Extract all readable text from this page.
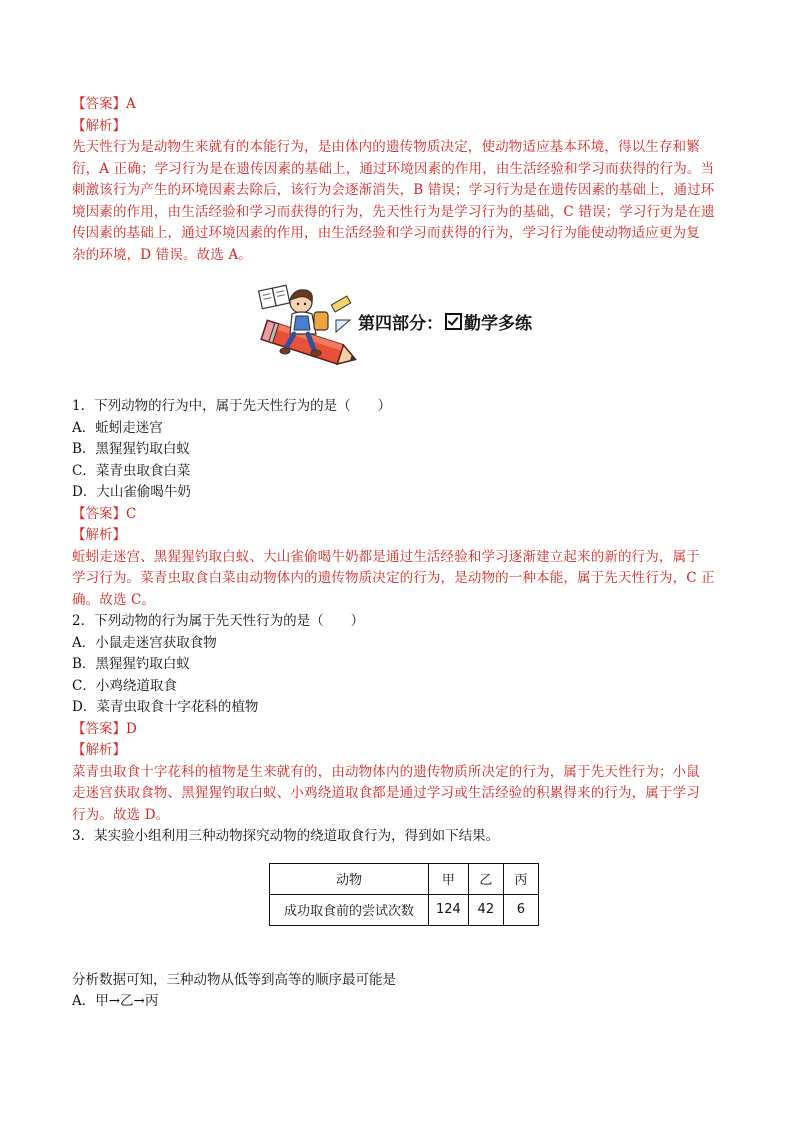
【答案】A
【解析】
先天性行为是动物生来就有的本能行为，是由体内的遗传物质决定，使动物适应基本环境，得以生存和繁
衍，A 正确；学习行为是在遗传因素的基础上，通过环境因素的作用，由生活经验和学习而获得的行为。当
刺激该行为产生的环境因素去除后，该行为会逐渐消失，B 错误；学习行为是在遗传因素的基础上，通过环
境因素的作用，由生活经验和学习而获得的行为，先天性行为是学习行为的基础，C 错误；学习行为是在遗
传因素的基础上，通过环境因素的作用，由生活经验和学习而获得的行为，学习行为能使动物适应更为复
杂的环境，D 错误。故选 A。
第四部分： 勤学多练
1．下列动物的行为中，属于先天性行为的是（　　）
A．蚯蚓走迷宫
B．黑猩猩钓取白蚁
C．菜青虫取食白菜
D．大山雀偷喝牛奶
【答案】C
【解析】
蚯蚓走迷宫、黑猩猩钓取白蚁、大山雀偷喝牛奶都是通过生活经验和学习逐渐建立起来的新的行为，属于
学习行为。菜青虫取食白菜由动物体内的遗传物质决定的行为，是动物的一种本能，属于先天性行为，C 正
确。故选 C。
2．下列动物的行为属于先天性行为的是（　　）
A．小鼠走迷宫获取食物
B．黑猩猩钓取白蚁
C．小鸡绕道取食
D．菜青虫取食十字花科的植物
【答案】D
【解析】
菜青虫取食十字花科的植物是生来就有的，由动物体内的遗传物质所决定的行为，属于先天性行为；小鼠
走迷宫获取食物、黑猩猩钓取白蚁、小鸡绕道取食都是通过学习或生活经验的积累得来的行为，属于学习
行为。故选 D。
3．某实验小组利用三种动物探究动物的绕道取食行为，得到如下结果。
动物	甲	乙	丙
成功取食前的尝试次数	124	42	6
分析数据可知，三种动物从低等到高等的顺序最可能是
A．甲→乙→丙
